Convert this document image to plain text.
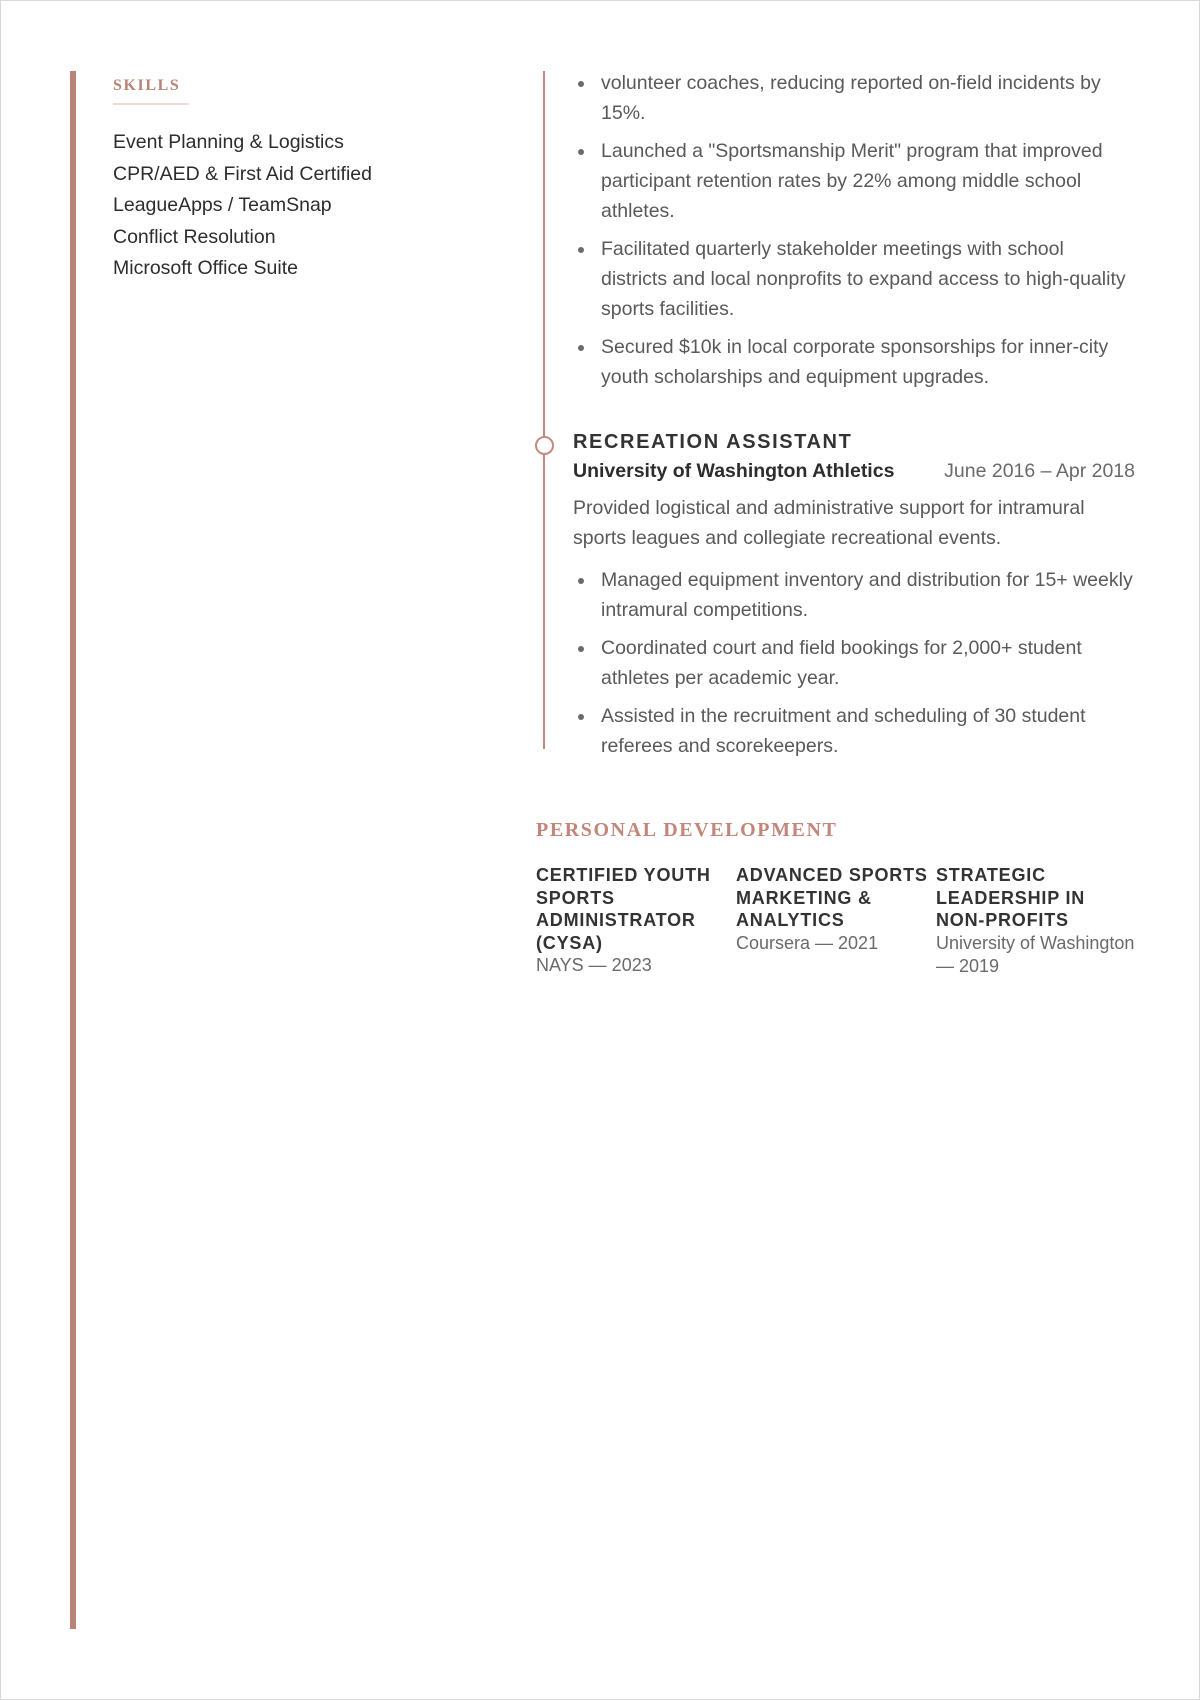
SKILLS
Event Planning & Logistics
CPR/AED & First Aid Certified
LeagueApps / TeamSnap
Conflict Resolution
Microsoft Office Suite
volunteer coaches, reducing reported on-field incidents by 15%.
Launched a "Sportsmanship Merit" program that improved participant retention rates by 22% among middle school athletes.
Facilitated quarterly stakeholder meetings with school districts and local nonprofits to expand access to high-quality sports facilities.
Secured $10k in local corporate sponsorships for inner-city youth scholarships and equipment upgrades.
RECREATION ASSISTANT
University of Washington Athletics	June 2016 – Apr 2018

Provided logistical and administrative support for intramural sports leagues and collegiate recreational events.

Managed equipment inventory and distribution for 15+ weekly intramural competitions.
Coordinated court and field bookings for 2,000+ student athletes per academic year.
Assisted in the recruitment and scheduling of 30 student referees and scorekeepers.
PERSONAL DEVELOPMENT
CERTIFIED YOUTH SPORTS ADMINISTRATOR (CYSA)
NAYS — 2023
ADVANCED SPORTS MARKETING & ANALYTICS
Coursera — 2021
STRATEGIC LEADERSHIP IN NON-PROFITS
University of Washington — 2019
